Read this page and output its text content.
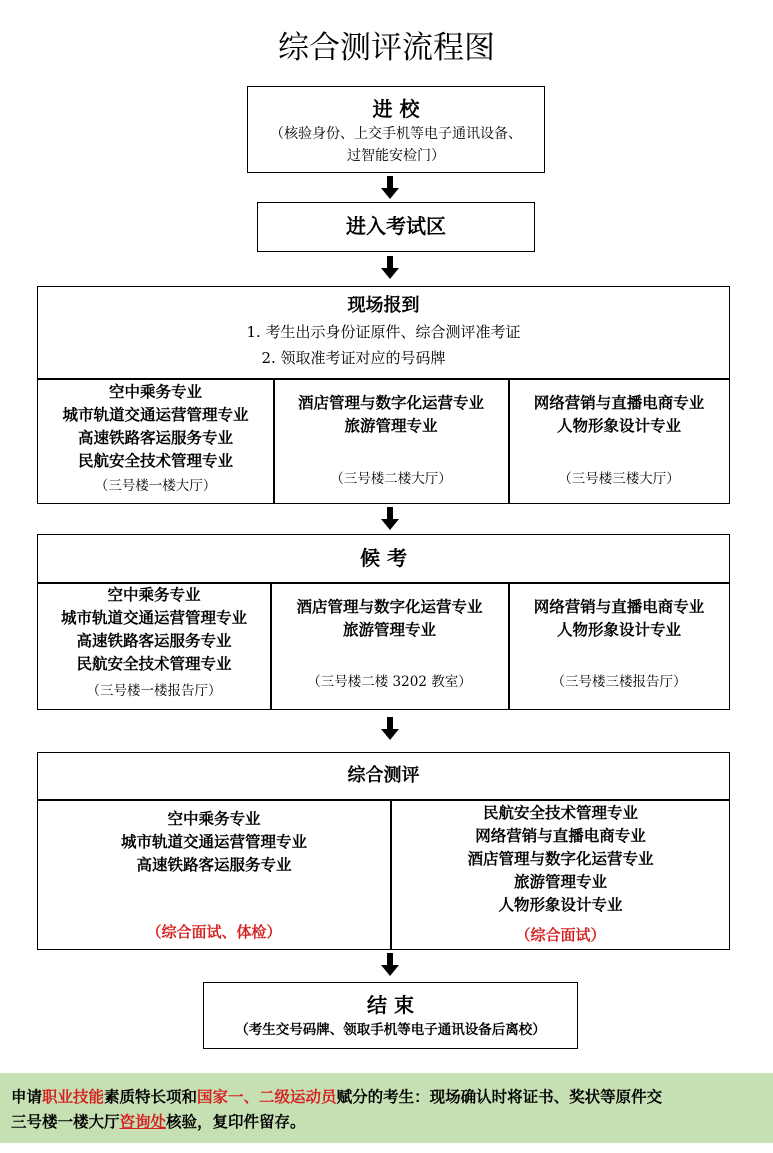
综合测评流程图
进 校
（核验身份、上交手机等电子通讯设备、
过智能安检门）
进入考试区
现场报到
1. 考生出示身份证原件、综合测评准考证
2. 领取准考证对应的号码牌
空中乘务专业
城市轨道交通运营管理专业
高速铁路客运服务专业
民航安全技术管理专业
（三号楼一楼大厅）
酒店管理与数字化运营专业
旅游管理专业
（三号楼二楼大厅）
网络营销与直播电商专业
人物形象设计专业
（三号楼三楼大厅）
候 考
空中乘务专业
城市轨道交通运营管理专业
高速铁路客运服务专业
民航安全技术管理专业
（三号楼一楼报告厅）
酒店管理与数字化运营专业
旅游管理专业
（三号楼二楼 3202 教室）
网络营销与直播电商专业
人物形象设计专业
（三号楼三楼报告厅）
综合测评
空中乘务专业
城市轨道交通运营管理专业
高速铁路客运服务专业
（综合面试、体检）
民航安全技术管理专业
网络营销与直播电商专业
酒店管理与数字化运营专业
旅游管理专业
人物形象设计专业
（综合面试）
结 束
（考生交号码牌、领取手机等电子通讯设备后离校）
申请职业技能素质特长项和国家一、二级运动员赋分的考生：现场确认时将证书、奖状等原件交
三号楼一楼大厅咨询处核验，复印件留存。
